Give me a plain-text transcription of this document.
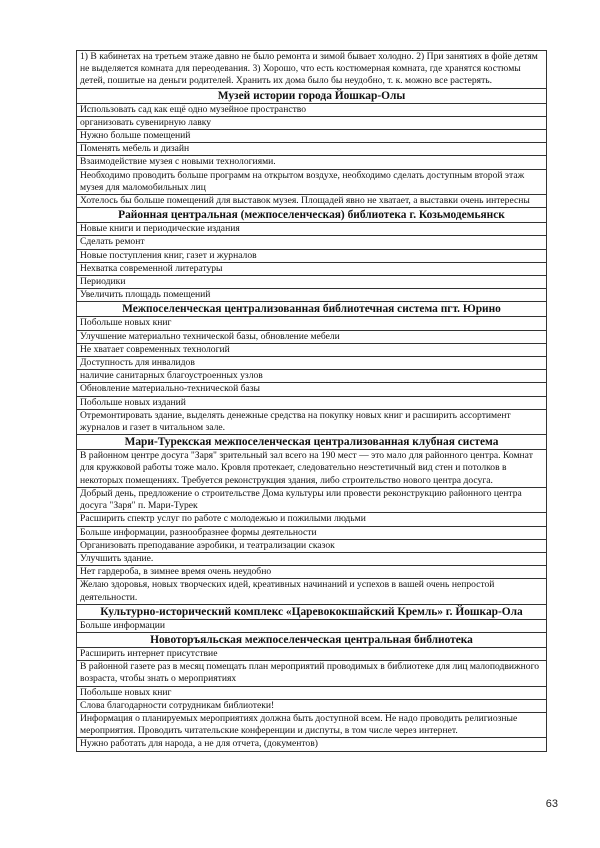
1) В кабинетах на третьем этаже давно не было ремонта и зимой бывает холодно. 2) При занятиях в фойе детям не выделяется комната для переодевания. 3) Хорошо, что есть костюмерная комната, где хранятся костюмы детей, пошитые на деньги родителей. Хранить их дома было бы неудобно, т. к. можно все растерять.
Музей истории города Йошкар-Олы
Использовать сад как ещё одно музейное пространство
организовать сувенирную лавку
Нужно больше помещений
Поменять мебель и дизайн
Взаимодействие музея с новыми технологиями.
Необходимо проводить больше программ на открытом воздухе, необходимо сделать доступным второй этаж музея для маломобильных лиц
Хотелось бы больше помещений для выставок музея. Площадей явно не хватает, а выставки очень интересны
Районная центральная (межпоселенческая) библиотека г. Козьмодемьянск
Новые книги и периодические издания
Сделать ремонт
Новые поступления книг, газет и журналов
Нехватка современной литературы
Периодики
Увеличить площадь помещений
Межпоселенческая централизованная библиотечная система пгт. Юрино
Побольше новых книг
Улучшение материально технической базы, обновление мебели
Не хватает современных технологий
Доступность для инвалидов
наличие санитарных благоустроенных узлов
Обновление материально-технической базы
Побольше новых изданий
Отремонтировать здание, выделять денежные средства на покупку новых книг и расширить ассортимент журналов и газет в читальном зале.
Мари-Турекская межпоселенческая централизованная клубная система
В районном центре досуга "Заря" зрительный зал всего на 190 мест — это мало для районного центра. Комнат для кружковой работы тоже мало. Кровля протекает, следовательно неэстетичный вид стен и потолков в некоторых помещениях. Требуется реконструкция здания, либо строительство нового центра досуга.
Добрый день, предложение о строительстве Дома культуры или провести реконструкцию районного центра досуга "Заря" п. Мари-Турек
Расширить спектр услуг по работе с молодежью и пожилыми людьми
Больше информации, разнообразнее формы деятельности
Организовать преподавание аэробики, и театрализации сказок
Улучшить здание.
Нет гардероба, в зимнее время очень неудобно
Желаю здоровья, новых творческих идей, креативных начинаний и успехов в вашей очень непростой деятельности.
Культурно-исторический комплекс «Царевококшайский Кремль» г. Йошкар-Ола
Больше информации
Новоторъяльская межпоселенческая центральная библиотека
Расширить интернет присутствие
В районной газете раз в месяц помещать план мероприятий проводимых в библиотеке для лиц малоподвижного возраста, чтобы знать о мероприятиях
Побольше новых книг
Слова благодарности сотрудникам библиотеки!
Информация о планируемых мероприятиях должна быть доступной всем. Не надо проводить религиозные мероприятия. Проводить читательские конференции и диспуты, в том числе через интернет.
Нужно работать для народа, а не для отчета, (документов)
63
